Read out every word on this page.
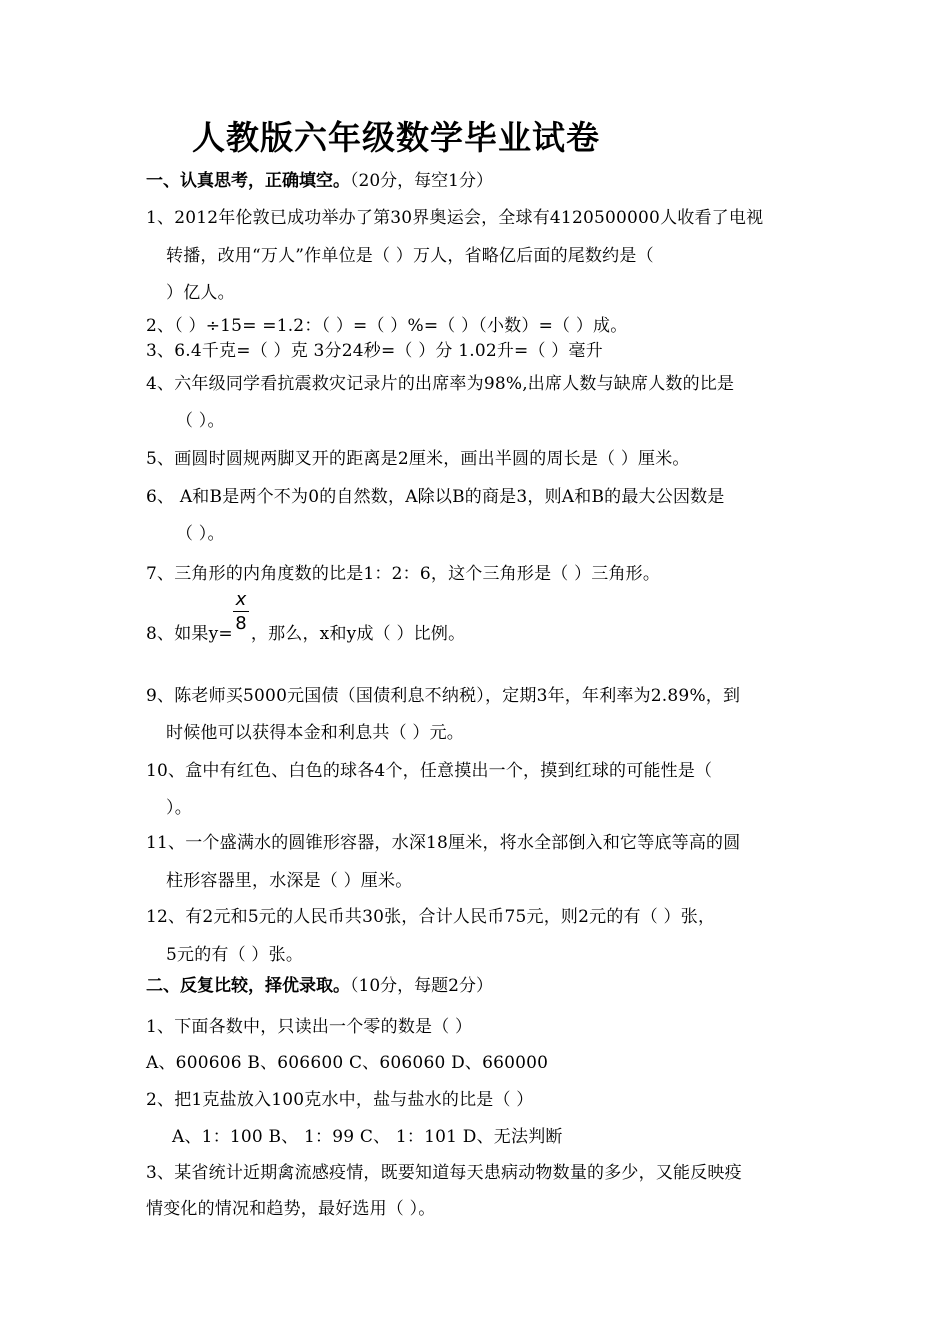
人教版六年级数学毕业试卷
一、认真思考，正确填空。（20分，每空1分）
1、2012年伦敦已成功举办了第30界奥运会，全球有4120500000人收看了电视
转播，改用“万人”作单位是（ ）万人，省略亿后面的尾数约是（
）亿人。
2、（ ）÷15= =1.2：（ ）=（ ）%=（ ）（小数）=（ ）成。
3、6.4千克=（ ）克 3分24秒=（ ）分 1.02升=（ ）毫升
4、六年级同学看抗震救灾记录片的出席率为98%,出席人数与缺席人数的比是
（ ）。
5、画圆时圆规两脚叉开的距离是2厘米，画出半圆的周长是（ ）厘米。
6、 A和B是两个不为0的自然数，A除以B的商是3，则A和B的最大公因数是
（ ）。
7、三角形的内角度数的比是1：2：6，这个三角形是（ ）三角形。
8、如果y= ，那么，x和y成（ ）比例。
x
8
9、陈老师买5000元国债（国债利息不纳税），定期3年，年利率为2.89%，到
时候他可以获得本金和利息共（ ）元。
10、盒中有红色、白色的球各4个，任意摸出一个，摸到红球的可能性是（
）。
11、一个盛满水的圆锥形容器，水深18厘米，将水全部倒入和它等底等高的圆
柱形容器里，水深是（ ）厘米。
12、有2元和5元的人民币共30张，合计人民币75元，则2元的有（ ）张，
5元的有（ ）张。
二、反复比较，择优录取。（10分，每题2分）
1、下面各数中，只读出一个零的数是（ ）
A、600606 B、606600 C、606060 D、660000
2、把1克盐放入100克水中，盐与盐水的比是（ ）
A、1：100 B、 1：99 C、 1：101 D、无法判断
3、某省统计近期禽流感疫情，既要知道每天患病动物数量的多少，又能反映疫
情变化的情况和趋势，最好选用（ ）。
